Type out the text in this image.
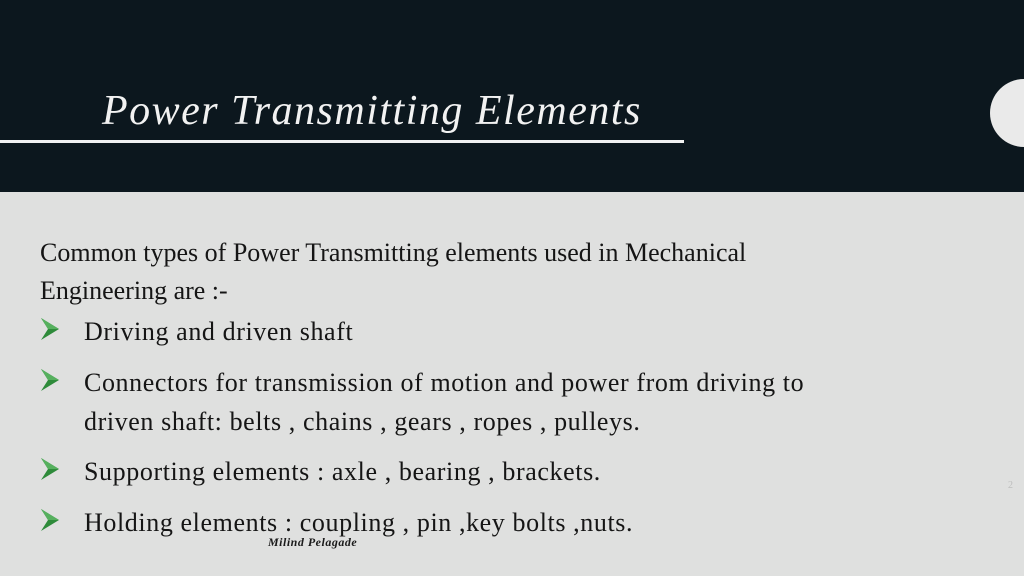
Power Transmitting Elements
Common types of Power Transmitting elements used in Mechanical
Engineering are :-
Driving and driven shaft
Connectors for transmission of motion and power from driving to
driven shaft: belts , chains , gears , ropes , pulleys.
Supporting elements : axle , bearing , brackets.
Holding elements : coupling , pin ,key bolts ,nuts.
Milind Pelagade
2
